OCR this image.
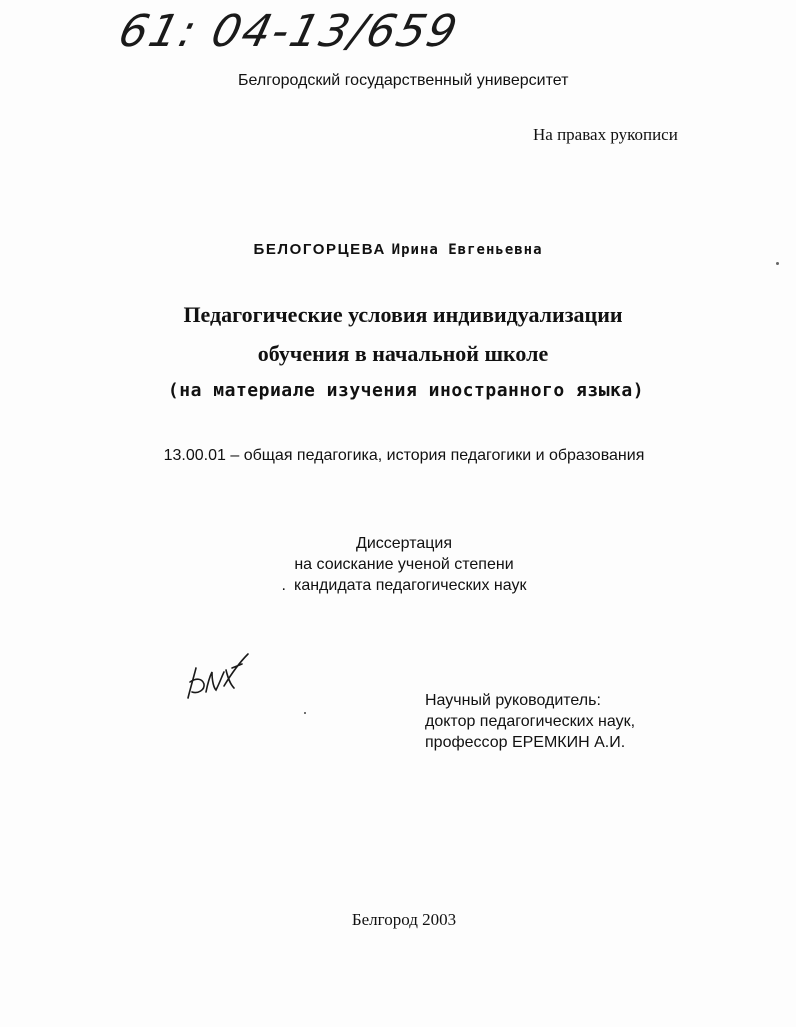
61: 04-13/659
Белгородский государственный университет
На правах рукописи
БЕЛОГОРЦЕВА Ирина Евгеньевна
Педагогические условия индивидуализации
обучения в начальной школе
(на материале изучения иностранного языка)
13.00.01 – общая педагогика, история педагогики и образования
Диссертация
на соискание ученой степени
. кандидата педагогических наук
Научный руководитель:
доктор педагогических наук,
профессор ЕРЕМКИН А.И.
Белгород 2003
